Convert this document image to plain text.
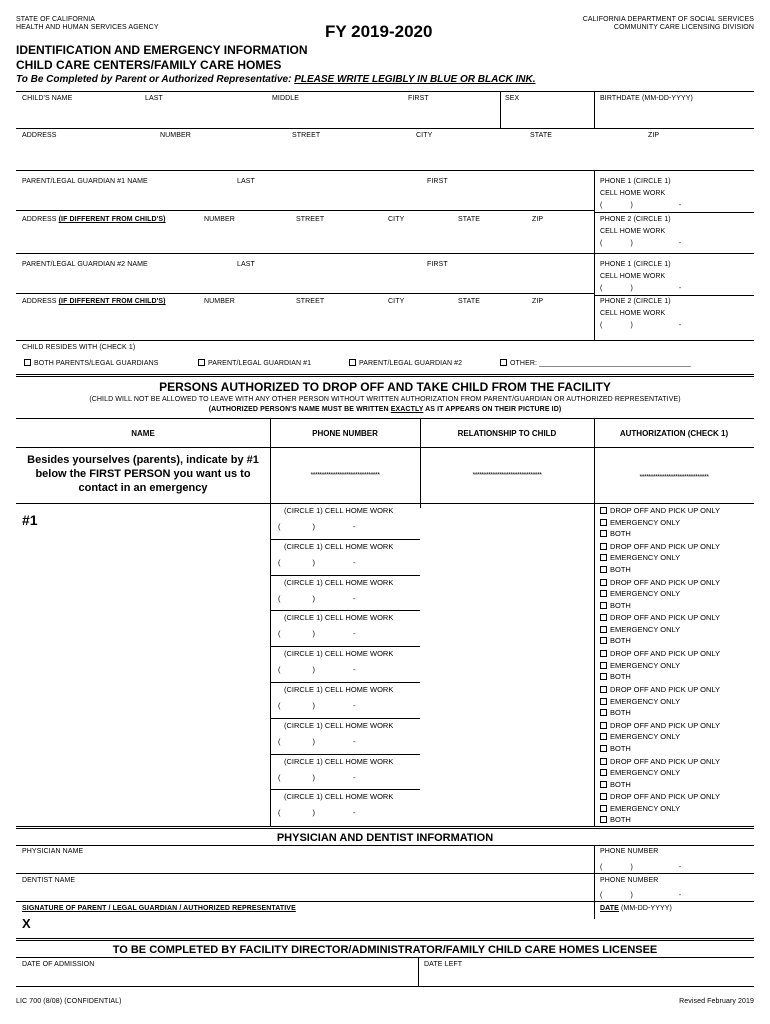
STATE OF CALIFORNIA
HEALTH AND HUMAN SERVICES AGENCY	FY 2019-2020
CALIFORNIA DEPARTMENT OF SOCIAL SERVICES
COMMUNITY CARE LICENSING DIVISION
IDENTIFICATION AND EMERGENCY INFORMATION
CHILD CARE CENTERS/FAMILY CARE HOMES
To Be Completed by Parent or Authorized Representative: PLEASE WRITE LEGIBLY IN BLUE OR BLACK INK.
CHILD'S NAME	LAST	MIDDLE	FIRST	SEX	BIRTHDATE (MM-DD-YYYY)
ADDRESS	NUMBER	STREET	CITY	STATE	ZIP
PARENT/LEGAL GUARDIAN #1 NAME	LAST	FIRST	PHONE 1 (CIRCLE 1)
CELL HOME WORK
(	)	-
ADDRESS (IF DIFFERENT FROM CHILD'S)	NUMBER	STREET	CITY	STATE	ZIP	PHONE 2 (CIRCLE 1)
CELL HOME WORK
(	)	-
PARENT/LEGAL GUARDIAN #2 NAME	LAST	FIRST	PHONE 1 (CIRCLE 1)
CELL HOME WORK
(	)	-
ADDRESS (IF DIFFERENT FROM CHILD'S)	NUMBER	STREET	CITY	STATE	ZIP	PHONE 2 (CIRCLE 1)
CELL HOME WORK
(	)	-
CHILD RESIDES WITH (CHECK 1)
BOTH PARENTS/LEGAL GUARDIANS	PARENT/LEGAL GUARDIAN #1	PARENT/LEGAL GUARDIAN #2	OTHER: ______________________________________
PERSONS AUTHORIZED TO DROP OFF AND TAKE CHILD FROM THE FACILITY
(CHILD WILL NOT BE ALLOWED TO LEAVE WITH ANY OTHER PERSON WITHOUT WRITTEN AUTHORIZATION FROM PARENT/GUARDIAN OR AUTHORIZED REPRESENTATIVE)
(AUTHORIZED PERSON'S NAME MUST BE WRITTEN EXACTLY AS IT APPEARS ON THEIR PICTURE ID)
NAME	PHONE NUMBER	RELATIONSHIP TO CHILD	AUTHORIZATION (CHECK 1)
Besides yourselves (parents), indicate by #1 below the FIRST PERSON you want us to contact in an emergency
*******************************	*******************************	*******************************
#1
(CIRCLE 1) CELL HOME WORK
(	)	-
DROP OFF AND PICK UP ONLY
EMERGENCY ONLY
BOTH
(CIRCLE 1) CELL HOME WORK
(	)	-
DROP OFF AND PICK UP ONLY
EMERGENCY ONLY
BOTH
(CIRCLE 1) CELL HOME WORK
(	)	-
DROP OFF AND PICK UP ONLY
EMERGENCY ONLY
BOTH
(CIRCLE 1) CELL HOME WORK
(	)	-
DROP OFF AND PICK UP ONLY
EMERGENCY ONLY
BOTH
(CIRCLE 1) CELL HOME WORK
(	)	-
DROP OFF AND PICK UP ONLY
EMERGENCY ONLY
BOTH
(CIRCLE 1) CELL HOME WORK
(	)	-
DROP OFF AND PICK UP ONLY
EMERGENCY ONLY
BOTH
(CIRCLE 1) CELL HOME WORK
(	)	-
DROP OFF AND PICK UP ONLY
EMERGENCY ONLY
BOTH
(CIRCLE 1) CELL HOME WORK
(	)	-
DROP OFF AND PICK UP ONLY
EMERGENCY ONLY
BOTH
(CIRCLE 1) CELL HOME WORK
(	)	-
DROP OFF AND PICK UP ONLY
EMERGENCY ONLY
BOTH
PHYSICIAN AND DENTIST INFORMATION
PHYSICIAN NAME	PHONE NUMBER
(	)	-
DENTIST NAME	PHONE NUMBER
(	)	-
SIGNATURE OF PARENT / LEGAL GUARDIAN / AUTHORIZED REPRESENTATIVE
X
DATE (MM-DD-YYYY)
TO BE COMPLETED BY FACILITY DIRECTOR/ADMINISTRATOR/FAMILY CHILD CARE HOMES LICENSEE
DATE OF ADMISSION	DATE LEFT
LIC 700 (8/08) (CONFIDENTIAL)	Revised February 2019
